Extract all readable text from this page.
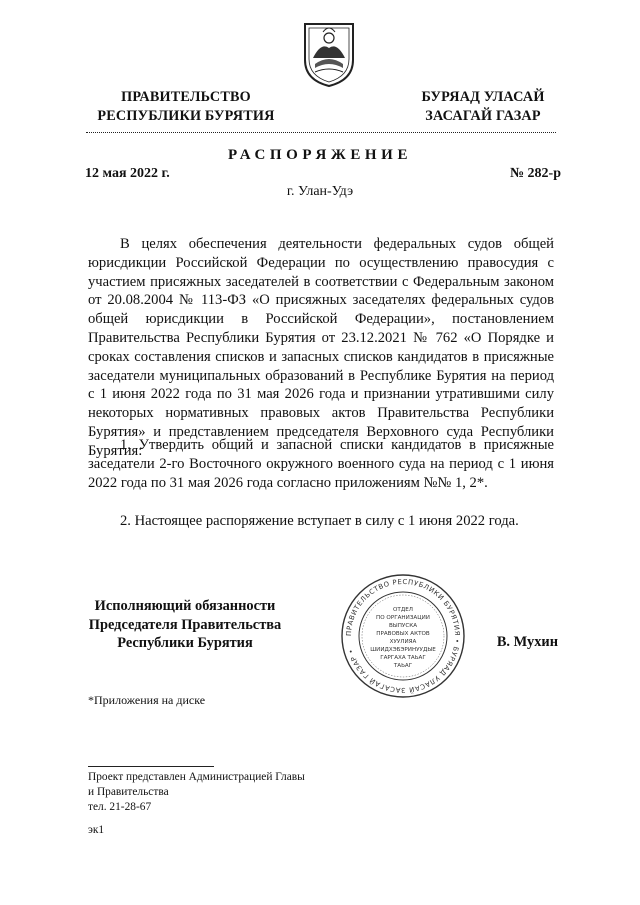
ПРАВИТЕЛЬСТВО
РЕСПУБЛИКИ БУРЯТИЯ
БУРЯАД УЛАСАЙ
ЗАСАГАЙ ГАЗАР
РАСПОРЯЖЕНИЕ
12 мая 2022 г.	№ 282-р
г. Улан-Удэ

В целях обеспечения деятельности федеральных судов общей юрисдикции Российской Федерации по осуществлению правосудия с участием присяжных заседателей в соответствии с Федеральным законом от 20.08.2004 № 113-ФЗ «О присяжных заседателях федеральных судов общей юрисдикции в Российской Федерации», постановлением Правительства Республики Бурятия от 23.12.2021 № 762 «О Порядке и сроках составления списков и запасных списков кандидатов в присяжные заседатели муниципальных образований в Республике Бурятия на период с 1 июня 2022 года по 31 мая 2026 года и признании утратившими силу некоторых нормативных правовых актов Правительства Республики Бурятия» и представлением председателя Верховного суда Республики Бурятия:

1. Утвердить общий и запасной списки кандидатов в присяжные заседатели 2-го Восточного окружного военного суда на период с 1 июня 2022 года по 31 мая 2026 года согласно приложениям №№ 1, 2*.

2. Настоящее распоряжение вступает в силу с 1 июня 2022 года.

Исполняющий обязанности
Председателя Правительства
Республики Бурятия	В. Мухин
ПРАВИТЕЛЬСТВО РЕСПУБЛИКИ БУРЯТИЯ • БУРЯАД УЛАСАЙ ЗАСАГАЙ ГАЗАР •
ОТДЕЛ
ПО ОРГАНИЗАЦИИ
ВЫПУСКА
ПРАВОВЫХ АКТОВ
ХУУЛИЯА
ШИИДХЭБЭРИНУУДЫЕ
ГАРГАХА ТАЬАГ
ТАЬАГ
*Приложения на диске
Проект представлен Администрацией Главы
и Правительства
тел. 21-28-67
эк1
